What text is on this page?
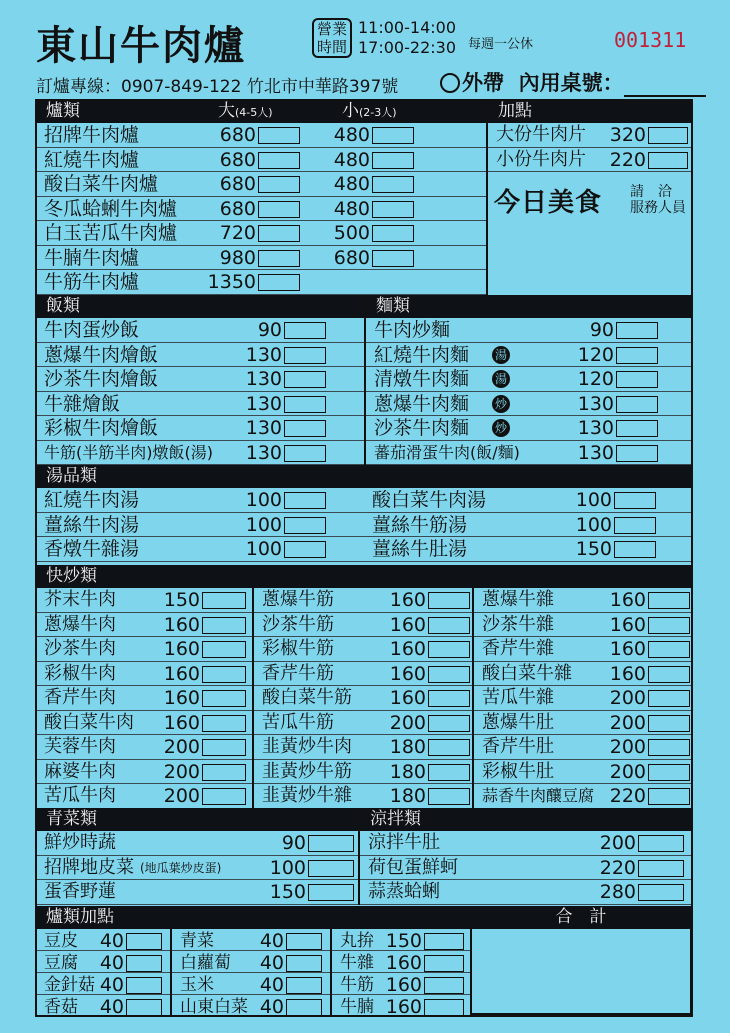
東山牛肉爐	營業時間
11:00-14:00
17:00-22:30 每週一公休	001311
訂爐專線：0907-849-122 竹北市中華路397號	外帶 內用桌號：
爐類	大(4-5人)	小(2-3人)
招牌牛肉爐	680	480
紅燒牛肉爐	680	480
酸白菜牛肉爐	680	480
冬瓜蛤蜊牛肉爐	680	480
白玉苦瓜牛肉爐	720	500
牛腩牛肉爐	980	680
牛筋牛肉爐	1350
加點
大份牛肉片	320
小份牛肉片	220
今日美食 請　洽
服務人員
飯類
牛肉蛋炒飯	90
蔥爆牛肉燴飯	130
沙茶牛肉燴飯	130
牛雜燴飯	130
彩椒牛肉燴飯	130
牛筋(半筋半肉)燉飯(湯)	130
麵類
牛肉炒麵	90
紅燒牛肉麵	120
湯
清燉牛肉麵	120
湯
蔥爆牛肉麵	130
炒
沙茶牛肉麵	130
炒
蕃茄滑蛋牛肉(飯/麵)	130
湯品類
紅燒牛肉湯	100
薑絲牛肉湯	100
香燉牛雜湯	100
酸白菜牛肉湯	100
薑絲牛筋湯	100
薑絲牛肚湯	150
快炒類
芥末牛肉	150
蔥爆牛肉	160
沙茶牛肉	160
彩椒牛肉	160
香芹牛肉	160
酸白菜牛肉	160
芙蓉牛肉	200
麻婆牛肉	200
苦瓜牛肉	200
蔥爆牛筋	160
沙茶牛筋	160
彩椒牛筋	160
香芹牛筋	160
酸白菜牛筋	160
苦瓜牛筋	200
韭黃炒牛肉	180
韭黃炒牛筋	180
韭黃炒牛雜	180
蔥爆牛雜	160
沙茶牛雜	160
香芹牛雜	160
酸白菜牛雜	160
苦瓜牛雜	200
蔥爆牛肚	200
香芹牛肚	200
彩椒牛肚	200
蒜香牛肉釀豆腐 220
青菜類
鮮炒時蔬	90
招牌地皮菜 (地瓜葉炒皮蛋)	100
蛋香野蓮	150
涼拌類
涼拌牛肚	200
荷包蛋鮮蚵	220
蒜蒸蛤蜊	280
爐類加點
豆皮	40
豆腐	40
金針菇 40
香菇	40
青菜	40
白蘿蔔	40
玉米	40
山東白菜 40
丸拚 150
牛雜 160
牛筋 160
牛腩 160
合　計
